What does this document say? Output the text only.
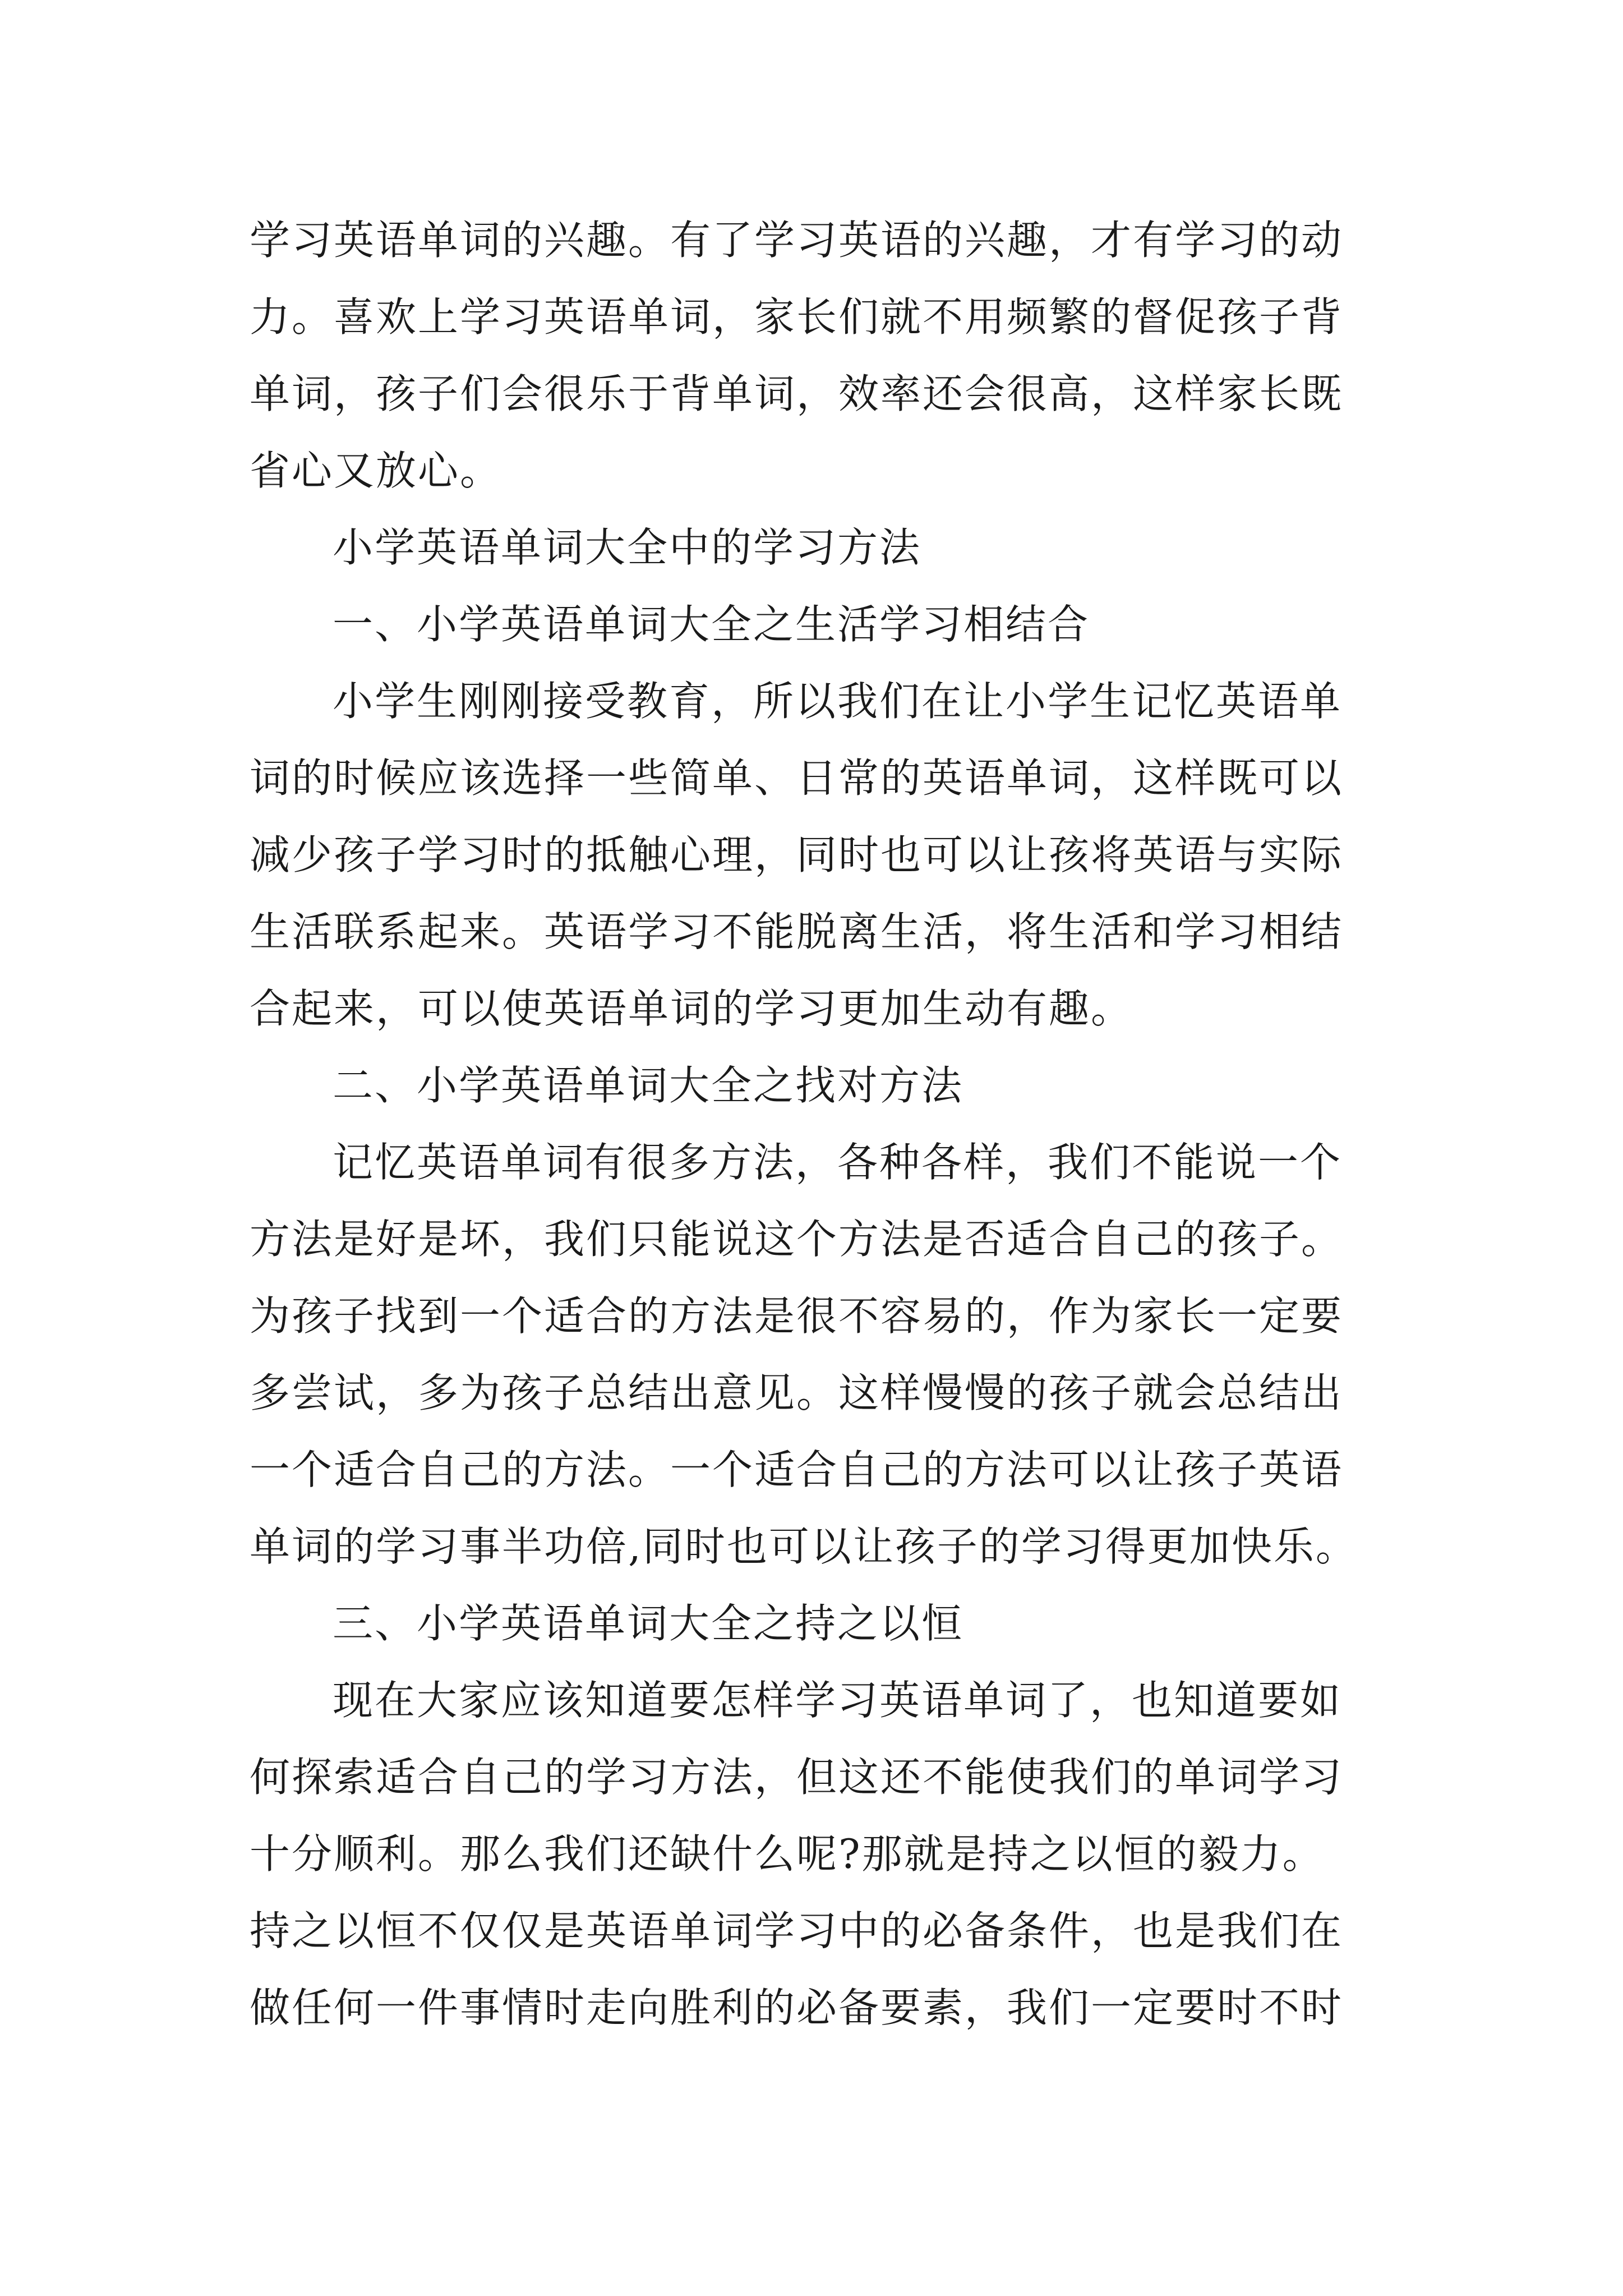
学习英语单词的兴趣。有了学习英语的兴趣，才有学习的动
力。喜欢上学习英语单词，家长们就不用频繁的督促孩子背
单词，孩子们会很乐于背单词，效率还会很高，这样家长既
省心又放心。
小学英语单词大全中的学习方法
一、小学英语单词大全之生活学习相结合
小学生刚刚接受教育，所以我们在让小学生记忆英语单
词的时候应该选择一些简单、日常的英语单词，这样既可以
减少孩子学习时的抵触心理，同时也可以让孩将英语与实际
生活联系起来。英语学习不能脱离生活，将生活和学习相结
合起来，可以使英语单词的学习更加生动有趣。
二、小学英语单词大全之找对方法
记忆英语单词有很多方法，各种各样，我们不能说一个
方法是好是坏，我们只能说这个方法是否适合自己的孩子。
为孩子找到一个适合的方法是很不容易的，作为家长一定要
多尝试，多为孩子总结出意见。这样慢慢的孩子就会总结出
一个适合自己的方法。一个适合自己的方法可以让孩子英语
单词的学习事半功倍,同时也可以让孩子的学习得更加快乐。
三、小学英语单词大全之持之以恒
现在大家应该知道要怎样学习英语单词了，也知道要如
何探索适合自己的学习方法，但这还不能使我们的单词学习
十分顺利。那么我们还缺什么呢?那就是持之以恒的毅力。
持之以恒不仅仅是英语单词学习中的必备条件，也是我们在
做任何一件事情时走向胜利的必备要素，我们一定要时不时
